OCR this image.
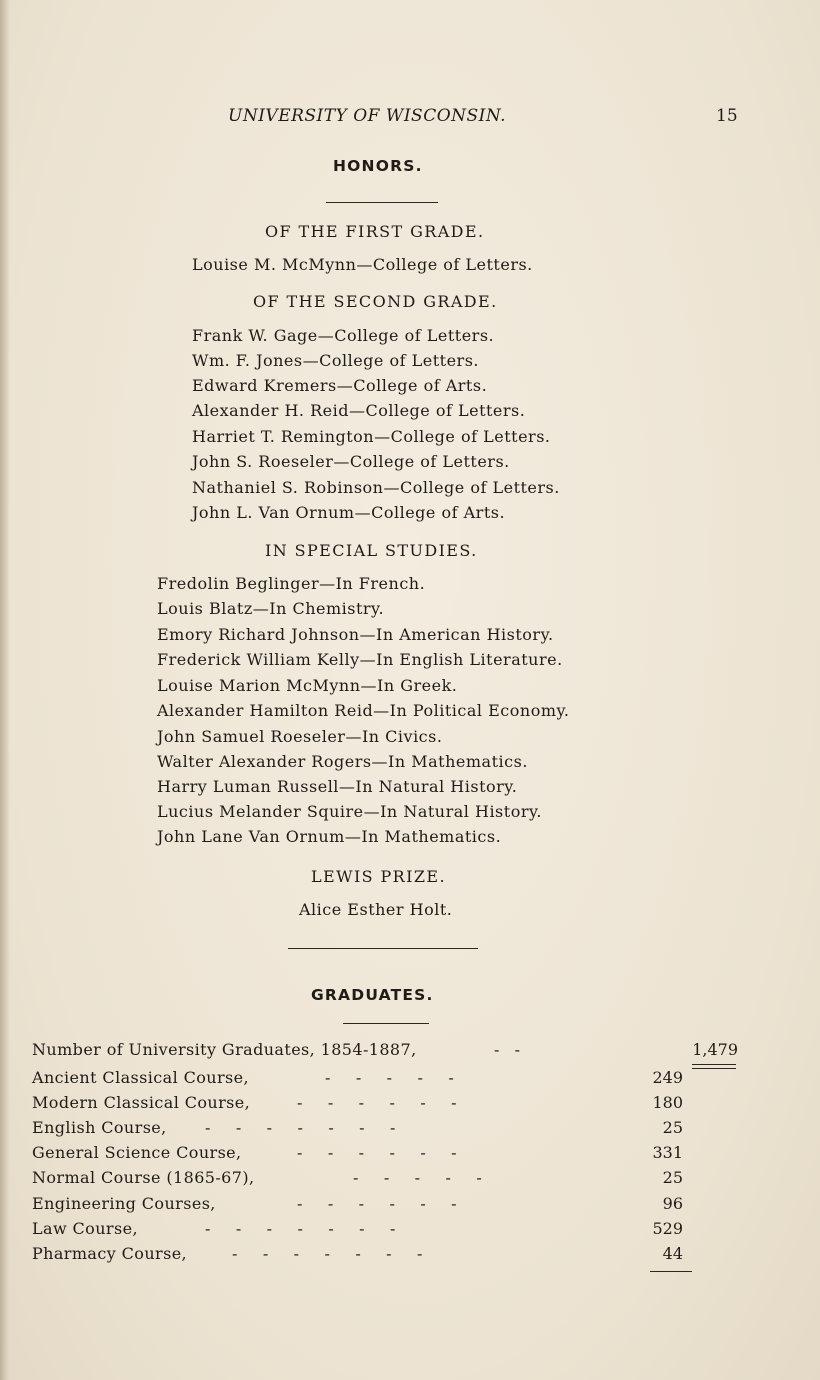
UNIVERSITY OF WISCONSIN.	15
HONORS.
OF THE FIRST GRADE.
Louise M. McMynn—College of Letters.
OF THE SECOND GRADE.
Frank W. Gage—College of Letters.
Wm. F. Jones—College of Letters.
Edward Kremers—College of Arts.
Alexander H. Reid—College of Letters.
Harriet T. Remington—College of Letters.
John S. Roeseler—College of Letters.
Nathaniel S. Robinson—College of Letters.
John L. Van Ornum—College of Arts.
IN SPECIAL STUDIES.
Fredolin Beglinger—In French.
Louis Blatz—In Chemistry.
Emory Richard Johnson—In American History.
Frederick William Kelly—In English Literature.
Louise Marion McMynn—In Greek.
Alexander Hamilton Reid—In Political Economy.
John Samuel Roeseler—In Civics.
Walter Alexander Rogers—In Mathematics.
Harry Luman Russell—In Natural History.
Lucius Melander Squire—In Natural History.
John Lane Van Ornum—In Mathematics.
LEWIS PRIZE.
Alice Esther Holt.
GRADUATES.
Number of University Graduates, 1854-1887,	-   -	1,479
Ancient Classical Course,	-     -     -     -     -	249
Modern Classical Course,	-     -     -     -     -     -	180
English Course, -     -     -     -     -     -     -	25
General Science Course,	-     -     -     -     -     -	331
Normal Course (1865-67),	-     -     -     -     -	25
Engineering Courses,	-     -     -     -     -     -	96
Law Course,	-     -     -     -     -     -     -	529
Pharmacy Course,	-     -     -     -     -     -     -	44
